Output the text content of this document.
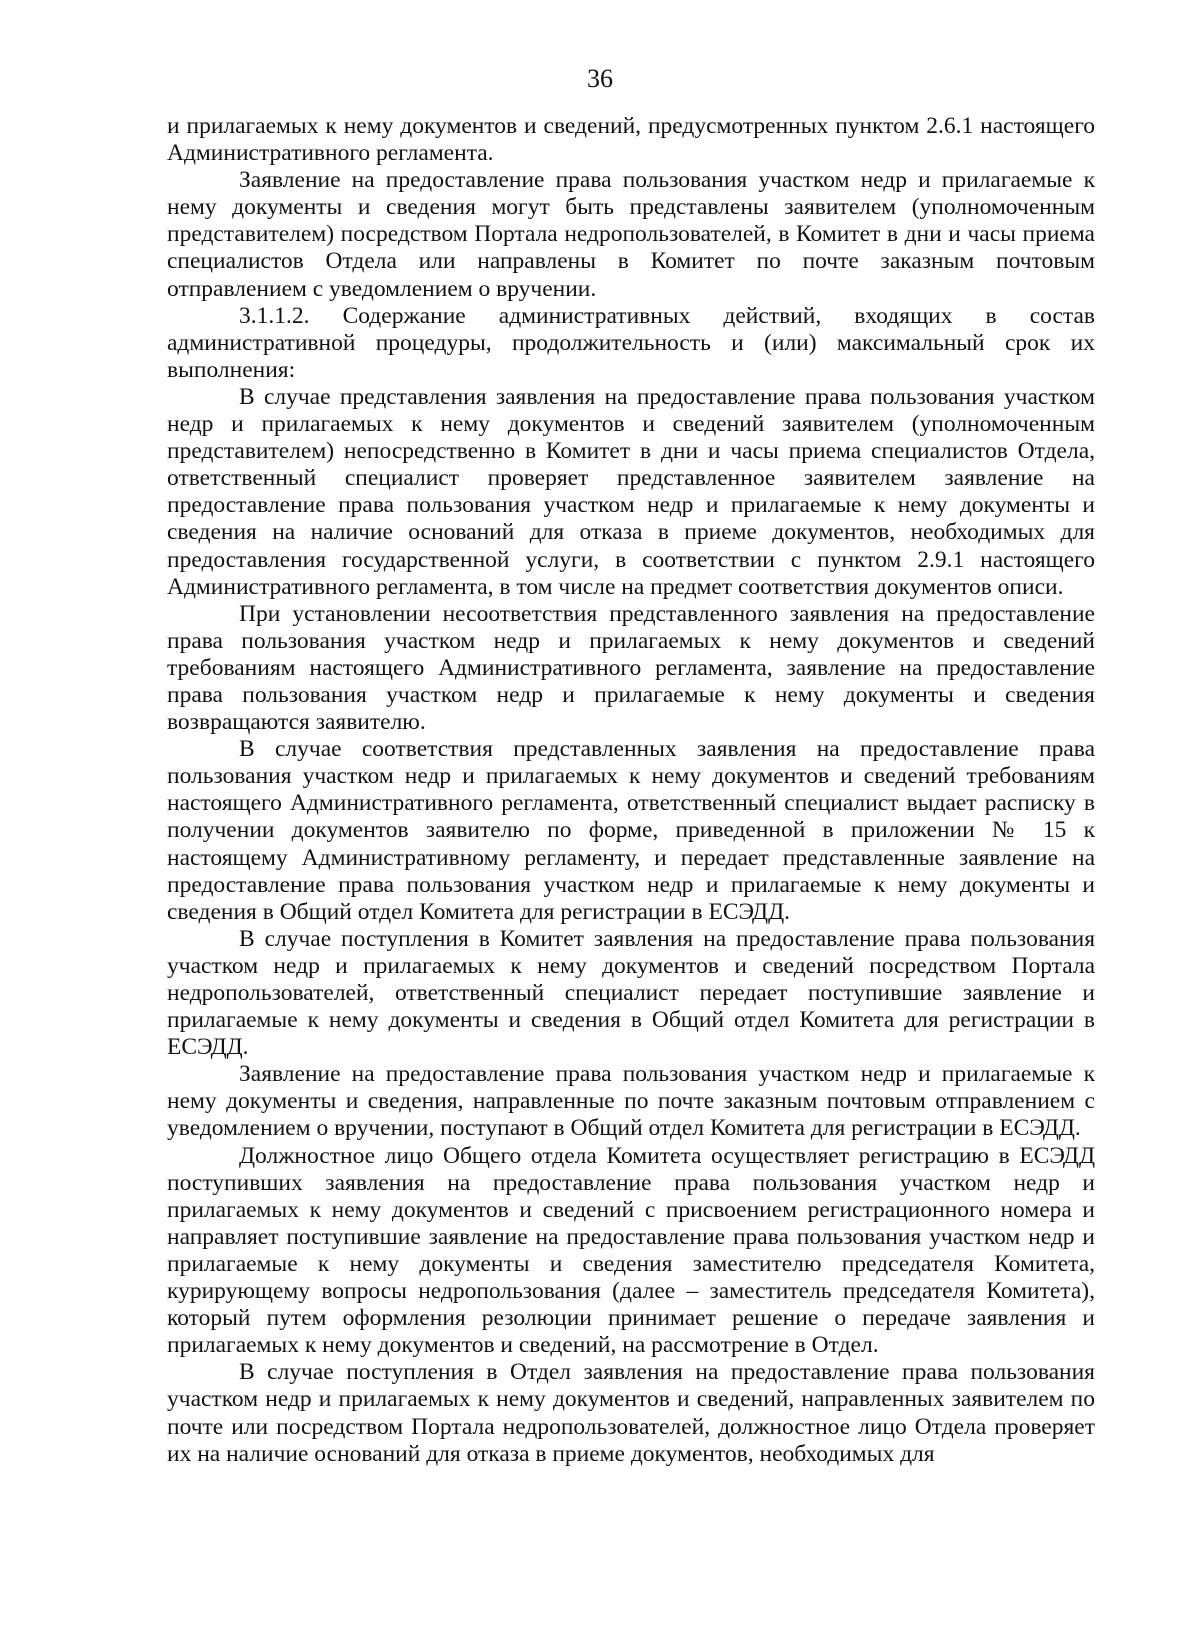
36

и прилагаемых к нему документов и сведений, предусмотренных пунктом 2.6.1 настоящего Административного регламента.

Заявление на предоставление права пользования участком недр и прилагаемые к нему документы и сведения могут быть представлены заявителем (уполномоченным представителем) посредством Портала недропользователей, в Комитет в дни и часы приема специалистов Отдела или направлены в Комитет по почте заказным почтовым отправлением с уведомлением о вручении.

3.1.1.2. Содержание административных действий, входящих в состав административной процедуры, продолжительность и (или) максимальный срок их выполнения:

В случае представления заявления на предоставление права пользования участком недр и прилагаемых к нему документов и сведений заявителем (уполномоченным представителем) непосредственно в Комитет в дни и часы приема специалистов Отдела, ответственный специалист проверяет представленное заявителем заявление на предоставление права пользования участком недр и прилагаемые к нему документы и сведения на наличие оснований для отказа в приеме документов, необходимых для предоставления государственной услуги, в соответствии с пунктом 2.9.1 настоящего Административного регламента, в том числе на предмет соответствия документов описи.

При установлении несоответствия представленного заявления на предоставление права пользования участком недр и прилагаемых к нему документов и сведений требованиям настоящего Административного регламента, заявление на предоставление права пользования участком недр и прилагаемые к нему документы и сведения возвращаются заявителю.

В случае соответствия представленных заявления на предоставление права пользования участком недр и прилагаемых к нему документов и сведений требованиям настоящего Административного регламента, ответственный специалист выдает расписку в получении документов заявителю по форме, приведенной в приложении № 15 к настоящему Административному регламенту, и передает представленные заявление на предоставление права пользования участком недр и прилагаемые к нему документы и сведения в Общий отдел Комитета для регистрации в ЕСЭДД.

В случае поступления в Комитет заявления на предоставление права пользования участком недр и прилагаемых к нему документов и сведений посредством Портала недропользователей, ответственный специалист передает поступившие заявление и прилагаемые к нему документы и сведения в Общий отдел Комитета для регистрации в ЕСЭДД.

Заявление на предоставление права пользования участком недр и прилагаемые к нему документы и сведения, направленные по почте заказным почтовым отправлением с уведомлением о вручении, поступают в Общий отдел Комитета для регистрации в ЕСЭДД.

Должностное лицо Общего отдела Комитета осуществляет регистрацию в ЕСЭДД поступивших заявления на предоставление права пользования участком недр и прилагаемых к нему документов и сведений с присвоением регистрационного номера и направляет поступившие заявление на предоставление права пользования участком недр и прилагаемые к нему документы и сведения заместителю председателя Комитета, курирующему вопросы недропользования (далее – заместитель председателя Комитета), который путем оформления резолюции принимает решение о передаче заявления и прилагаемых к нему документов и сведений, на рассмотрение в Отдел.

В случае поступления в Отдел заявления на предоставление права пользования участком недр и прилагаемых к нему документов и сведений, направленных заявителем по почте или посредством Портала недропользователей, должностное лицо Отдела проверяет их на наличие оснований для отказа в приеме документов, необходимых для
